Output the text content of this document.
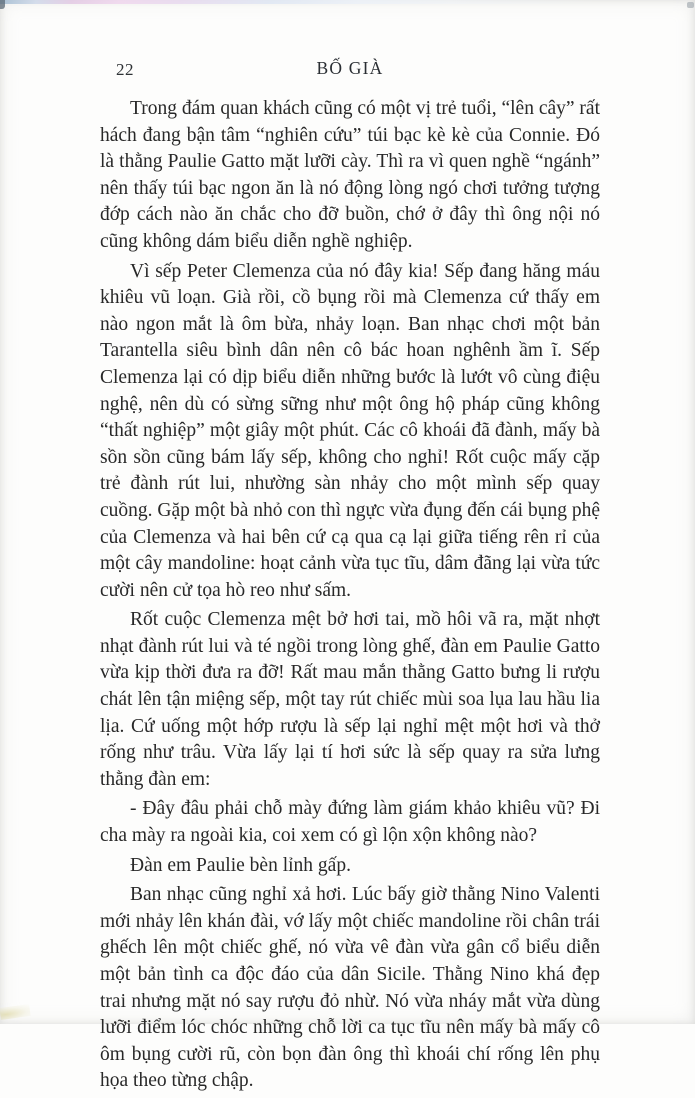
22	BỐ GIÀ

Trong đám quan khách cũng có một vị trẻ tuổi, “lên cây” rất hách đang bận tâm “nghiên cứu” túi bạc kè kè của Connie. Đó là thằng Paulie Gatto mặt lưỡi cày. Thì ra vì quen nghề “ngánh” nên thấy túi bạc ngon ăn là nó động lòng ngó chơi tưởng tượng đớp cách nào ăn chắc cho đỡ buồn, chớ ở đây thì ông nội nó cũng không dám biểu diễn nghề nghiệp.

Vì sếp Peter Clemenza của nó đây kia! Sếp đang hăng máu khiêu vũ loạn. Già rồi, cồ bụng rồi mà Clemenza cứ thấy em nào ngon mắt là ôm bừa, nhảy loạn. Ban nhạc chơi một bản Tarantella siêu bình dân nên cô bác hoan nghênh ầm ĩ. Sếp Clemenza lại có dịp biểu diễn những bước là lướt vô cùng điệu nghệ, nên dù có sừng sững như một ông hộ pháp cũng không “thất nghiệp” một giây một phút. Các cô khoái đã đành, mấy bà sồn sồn cũng bám lấy sếp, không cho nghỉ! Rốt cuộc mấy cặp trẻ đành rút lui, nhường sàn nhảy cho một mình sếp quay cuồng. Gặp một bà nhỏ con thì ngực vừa đụng đến cái bụng phệ của Clemenza và hai bên cứ cạ qua cạ lại giữa tiếng rên rỉ của một cây mandoline: hoạt cảnh vừa tục tĩu, dâm đãng lại vừa tức cười nên cử tọa hò reo như sấm.

Rốt cuộc Clemenza mệt bở hơi tai, mồ hôi vã ra, mặt nhợt nhạt đành rút lui và té ngồi trong lòng ghế, đàn em Paulie Gatto vừa kịp thời đưa ra đỡ! Rất mau mắn thằng Gatto bưng li rượu chát lên tận miệng sếp, một tay rút chiếc mùi soa lụa lau hầu lia lịa. Cứ uống một hớp rượu là sếp lại nghỉ mệt một hơi và thở rống như trâu. Vừa lấy lại tí hơi sức là sếp quay ra sửa lưng thằng đàn em:

- Đây đâu phải chỗ mày đứng làm giám khảo khiêu vũ? Đi cha mày ra ngoài kia, coi xem có gì lộn xộn không nào?

Đàn em Paulie bèn lỉnh gấp.

Ban nhạc cũng nghỉ xả hơi. Lúc bấy giờ thằng Nino Valenti mới nhảy lên khán đài, vớ lấy một chiếc mandoline rồi chân trái ghếch lên một chiếc ghế, nó vừa vê đàn vừa gân cổ biểu diễn một bản tình ca độc đáo của dân Sicile. Thằng Nino khá đẹp trai nhưng mặt nó say rượu đỏ nhừ. Nó vừa nháy mắt vừa dùng lưỡi điểm lóc chóc những chỗ lời ca tục tĩu nên mấy bà mấy cô ôm bụng cười rũ, còn bọn đàn ông thì khoái chí rống lên phụ họa theo từng chập.
